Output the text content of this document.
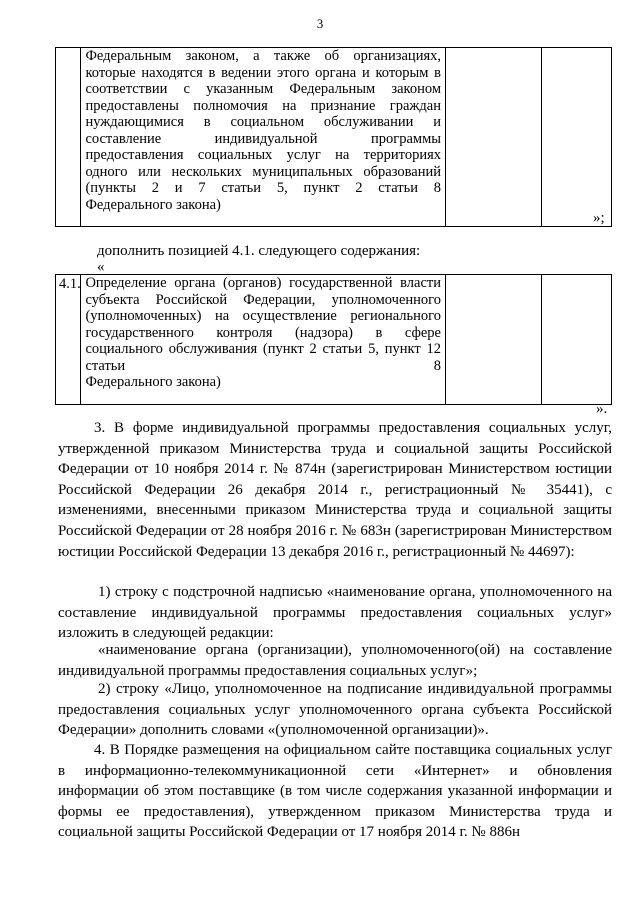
3
	Федеральным законом, а также об организациях, которые находятся в ведении этого органа и которым в соответствии с указанным Федеральным законом предоставлены полномочия на признание граждан нуждающимися в социальном обслуживании и составление индивидуальной программы предоставления социальных услуг на территориях одного или нескольких муниципальных образований (пункты 2 и 7 статьи 5, пункт 2 статьи 8
Федерального закона)

»;
дополнить позицией 4.1. следующего содержания:
«
4.1.	Определение органа (органов) государственной власти субъекта Российской Федерации, уполномоченного (уполномоченных) на осуществление регионального государственного контроля (надзора) в сфере социального обслуживания (пункт 2 статьи 5, пункт 12 статьи 8
Федерального закона)

».
3. В форме индивидуальной программы предоставления социальных услуг, утвержденной приказом Министерства труда и социальной защиты Российской Федерации от 10 ноября 2014 г. № 874н (зарегистрирован Министерством юстиции Российской Федерации 26 декабря 2014 г., регистрационный № 35441), с изменениями, внесенными приказом Министерства труда и социальной защиты Российской Федерации от 28 ноября 2016 г. № 683н (зарегистрирован Министерством юстиции Российской Федерации 13 декабря 2016 г., регистрационный № 44697):
1) строку с подстрочной надписью «наименование органа, уполномоченного на составление индивидуальной программы предоставления социальных услуг» изложить в следующей редакции:
«наименование органа (организации), уполномоченного(ой) на составление индивидуальной программы предоставления социальных услуг»;
2) строку «Лицо, уполномоченное на подписание индивидуальной программы предоставления социальных услуг уполномоченного органа субъекта Российской Федерации» дополнить словами «(уполномоченной организации)».
4. В Порядке размещения на официальном сайте поставщика социальных услуг в информационно-телекоммуникационной сети «Интернет» и обновления информации об этом поставщике (в том числе содержания указанной информации и формы ее предоставления), утвержденном приказом Министерства труда и социальной защиты Российской Федерации от 17 ноября 2014 г. № 886н
